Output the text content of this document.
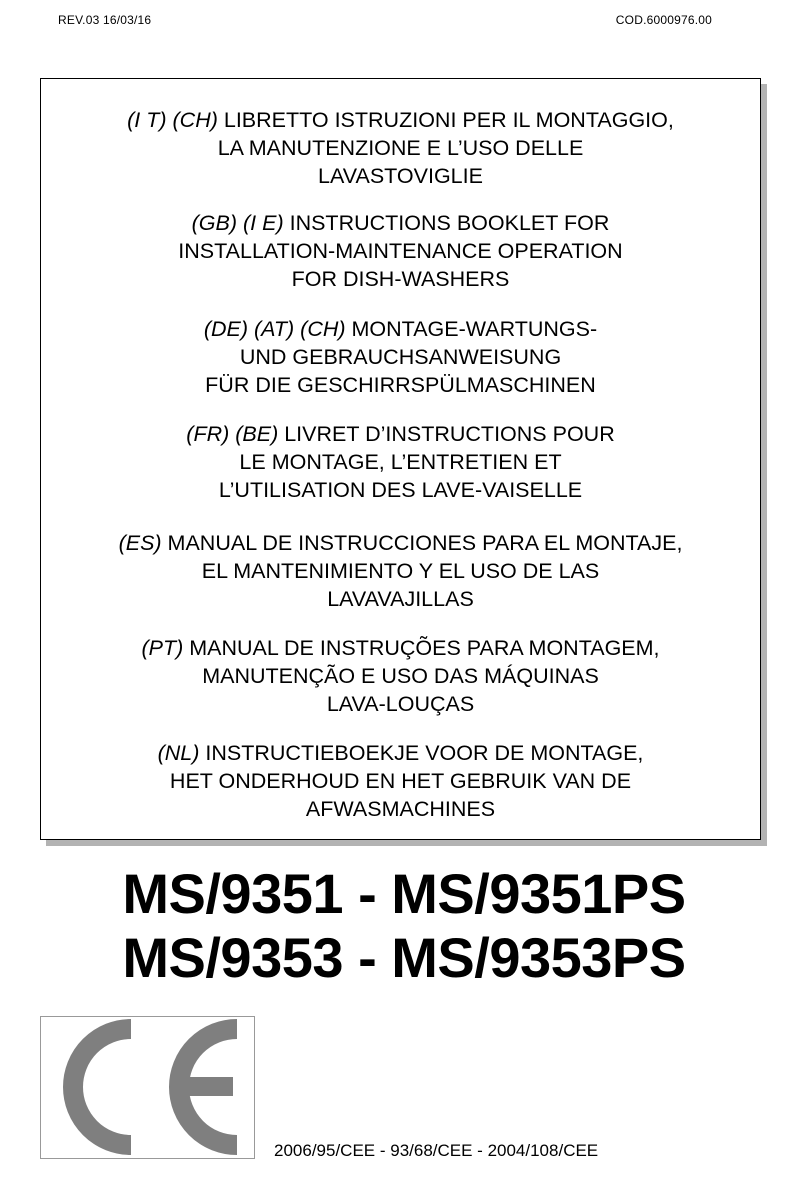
REV.03 16/03/16	COD.6000976.00
(I T) (CH) LIBRETTO ISTRUZIONI PER IL MONTAGGIO,
LA MANUTENZIONE E L’USO DELLE
LAVASTOVIGLIE
(GB) (I E) INSTRUCTIONS BOOKLET FOR
INSTALLATION-MAINTENANCE OPERATION
FOR DISH-WASHERS
(DE) (AT) (CH) MONTAGE-WARTUNGS-
UND GEBRAUCHSANWEISUNG
FÜR DIE GESCHIRRSPÜLMASCHINEN
(FR) (BE) LIVRET D’INSTRUCTIONS POUR
LE MONTAGE, L’ENTRETIEN ET
L’UTILISATION DES LAVE-VAISELLE
(ES) MANUAL DE INSTRUCCIONES PARA EL MONTAJE,
EL MANTENIMIENTO Y EL USO DE LAS
LAVAVAJILLAS
(PT) MANUAL DE INSTRUÇÕES PARA MONTAGEM,
MANUTENÇÃO E USO DAS MÁQUINAS
LAVA-LOUÇAS
(NL) INSTRUCTIEBOEKJE VOOR DE MONTAGE,
HET ONDERHOUD EN HET GEBRUIK VAN DE
AFWASMACHINES
MS/9351 - MS/9351PS
MS/9353 - MS/9353PS
2006/95/CEE - 93/68/CEE - 2004/108/CEE
